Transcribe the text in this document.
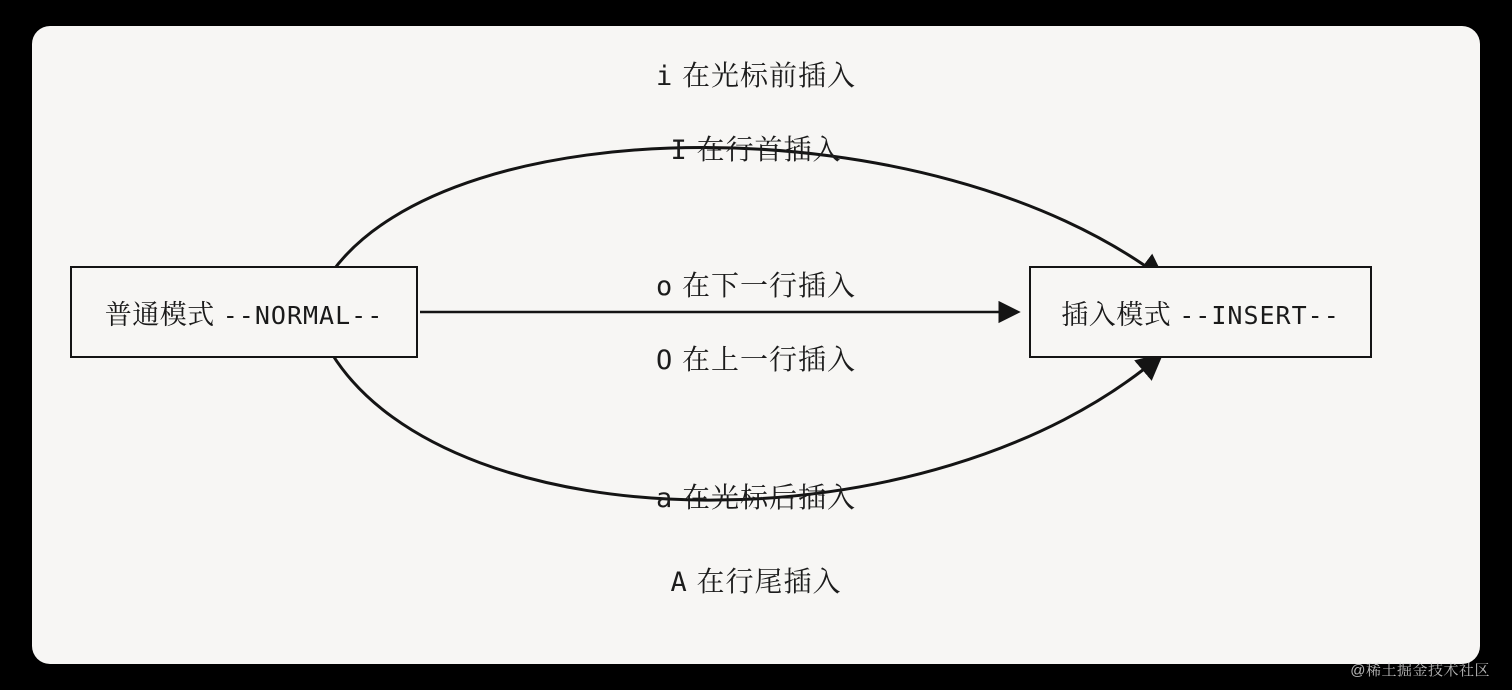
普通模式 --NORMAL--	插入模式 --INSERT--
i 在光标前插入
I 在行首插入
o 在下一行插入
O 在上一行插入
a 在光标后插入
A 在行尾插入
@稀土掘金技术社区
